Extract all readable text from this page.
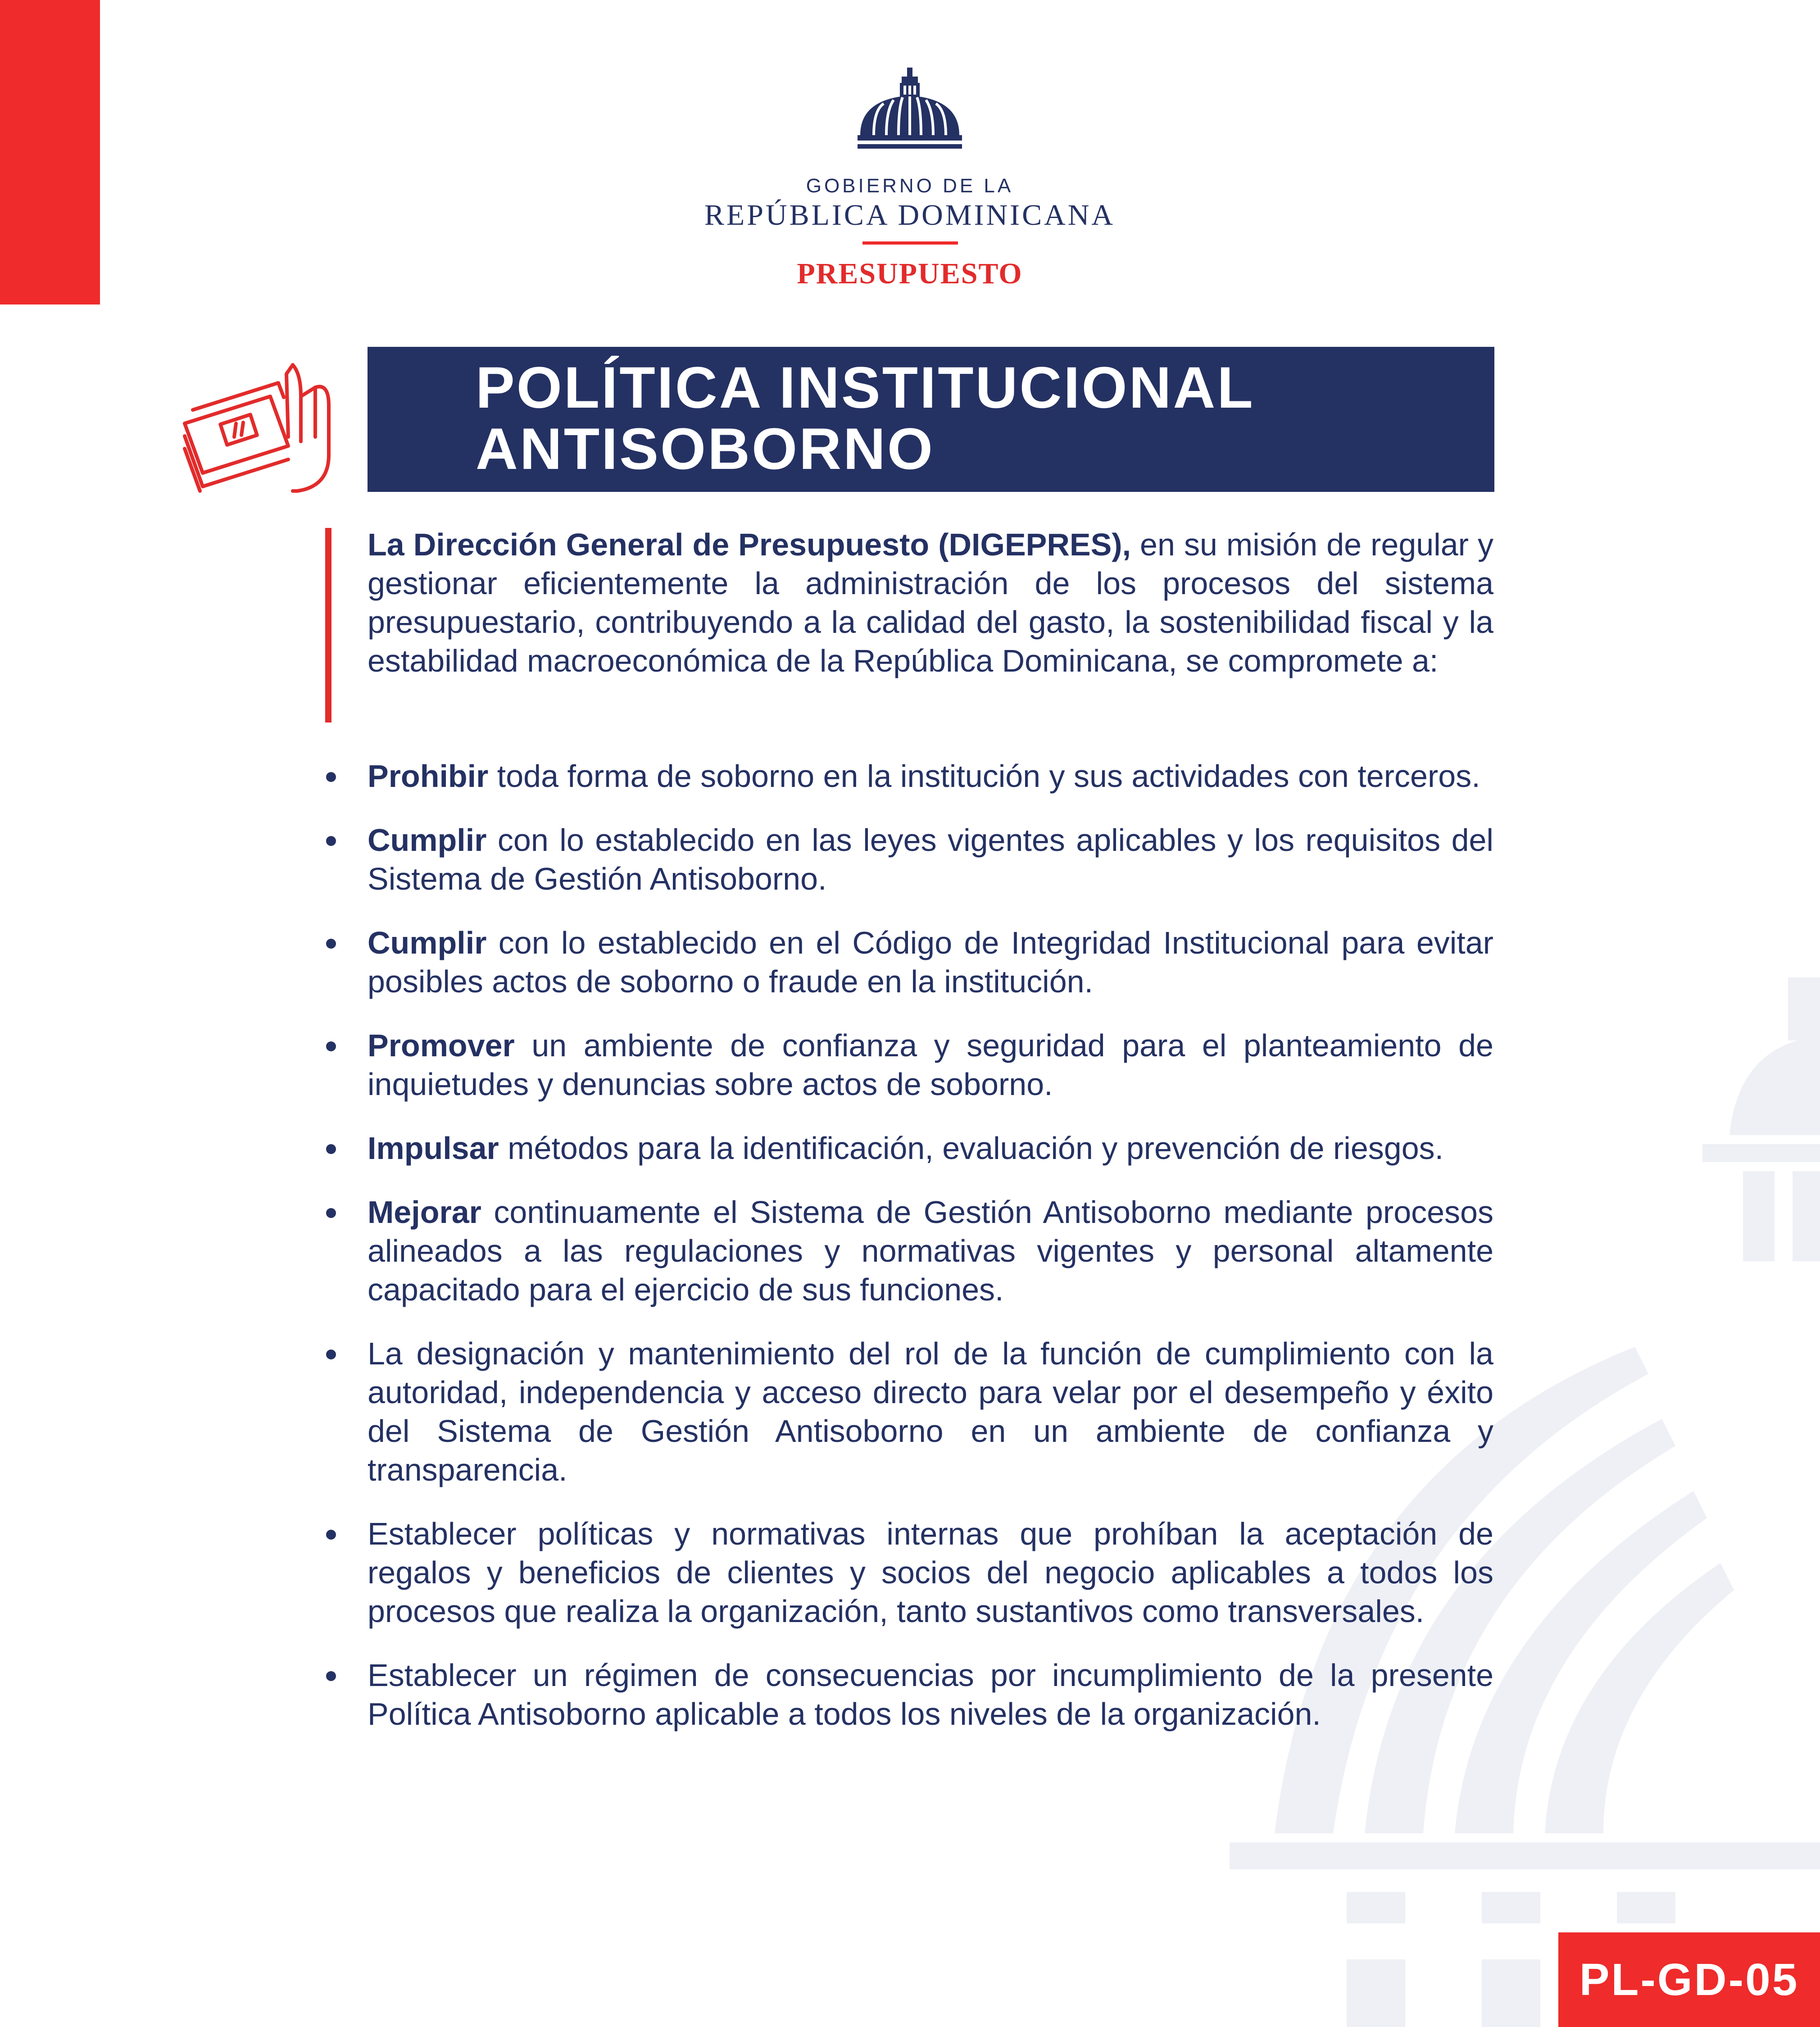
GOBIERNO DE LA
REPÚBLICA DOMINICANA
PRESUPUESTO
POLÍTICA INSTITUCIONAL
ANTISOBORNO

La Dirección General de Presupuesto (DIGEPRES), en su misión de regular y gestionar eficientemente la administración de los procesos del sistema presupuestario, contribuyendo a la calidad del gasto, la sostenibilidad fiscal y la estabilidad macroeconómica de la República Dominicana, se compromete a:

Prohibir toda forma de soborno en la institución y sus actividades con terceros.
Cumplir con lo establecido en las leyes vigentes aplicables y los requisitos del Sistema de Gestión Antisoborno.
Cumplir con lo establecido en el Código de Integridad Institucional para evitar posibles actos de soborno o fraude en la institución.
Promover un ambiente de confianza y seguridad para el planteamiento de inquietudes y denuncias sobre actos de soborno.
Impulsar métodos para la identificación, evaluación y prevención de riesgos.
Mejorar continuamente el Sistema de Gestión Antisoborno mediante procesos alineados a las regulaciones y normativas vigentes y personal altamente capacitado para el ejercicio de sus funciones.
La designación y mantenimiento del rol de la función de cumplimiento con la autoridad, independencia y acceso directo para velar por el desempeño y éxito del Sistema de Gestión Antisoborno en un ambiente de confianza y transparencia.
Establecer políticas y normativas internas que prohíban la aceptación de regalos y beneficios de clientes y socios del negocio aplicables a todos los procesos que realiza la organización, tanto sustantivos como transversales.
Establecer un régimen de consecuencias por incumplimiento de la presente Política Antisoborno aplicable a todos los niveles de la organización.
PL-GD-05
